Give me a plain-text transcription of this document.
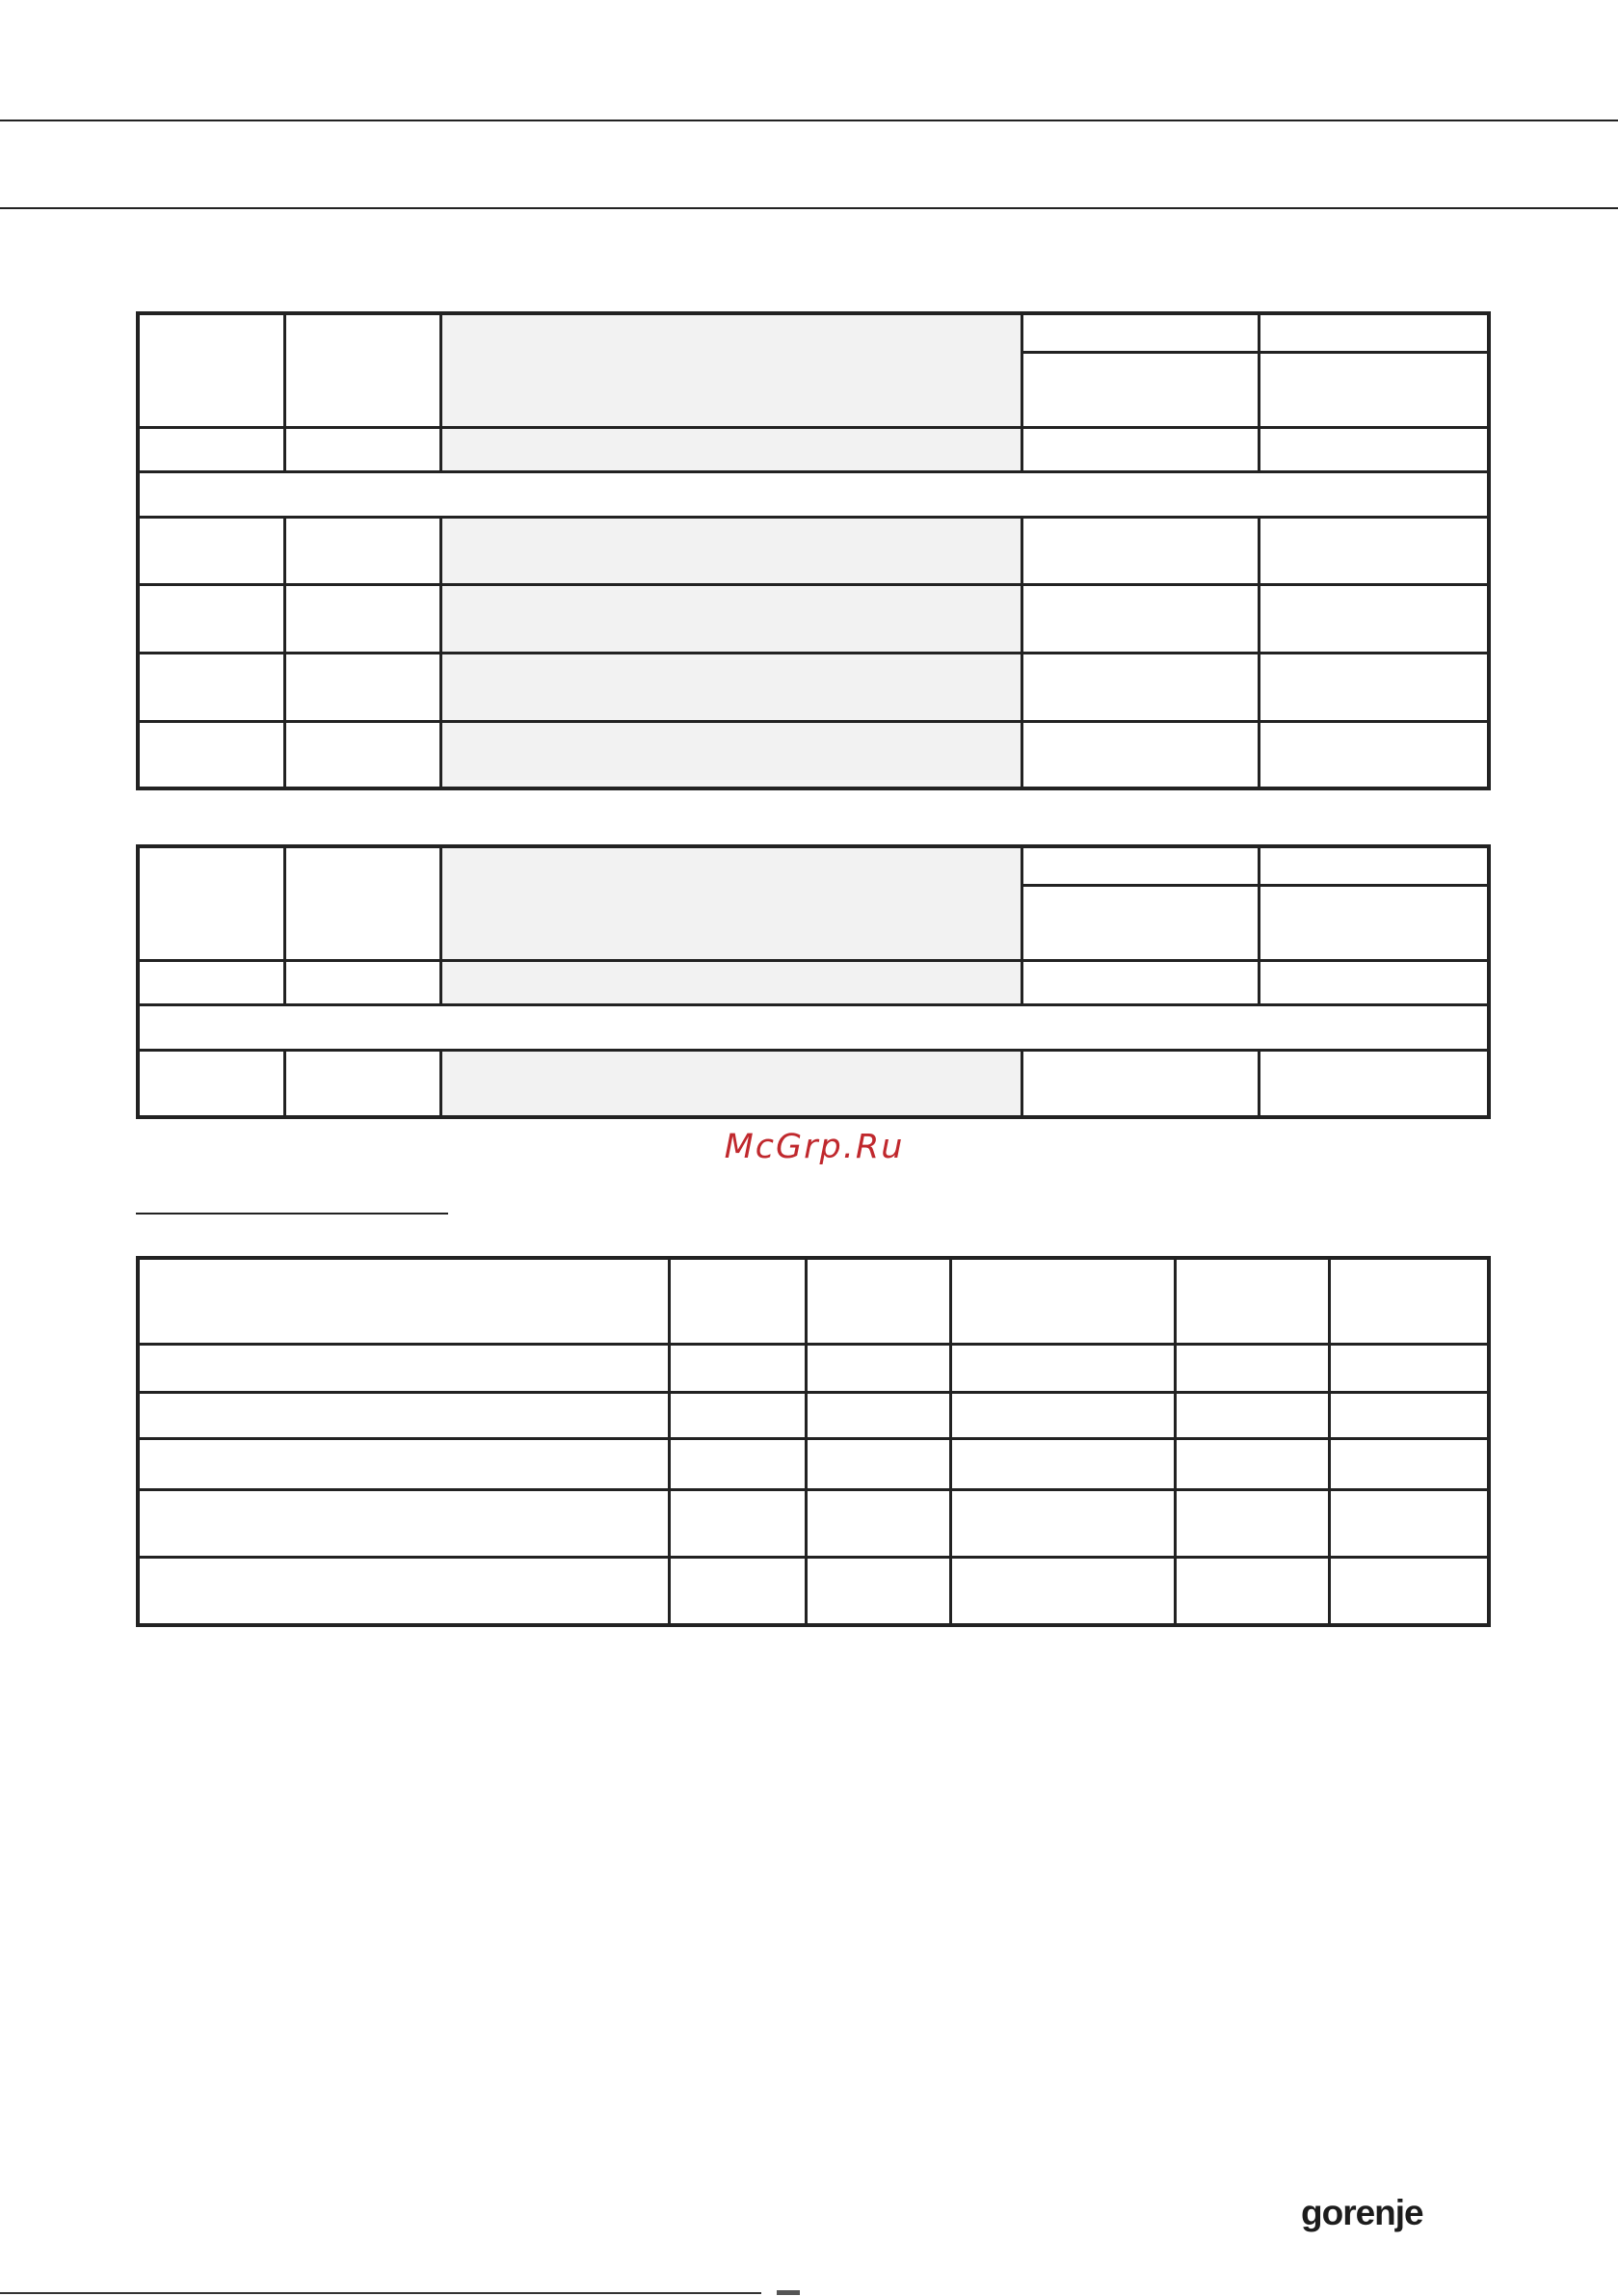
McGrp.Ru

gorenje
